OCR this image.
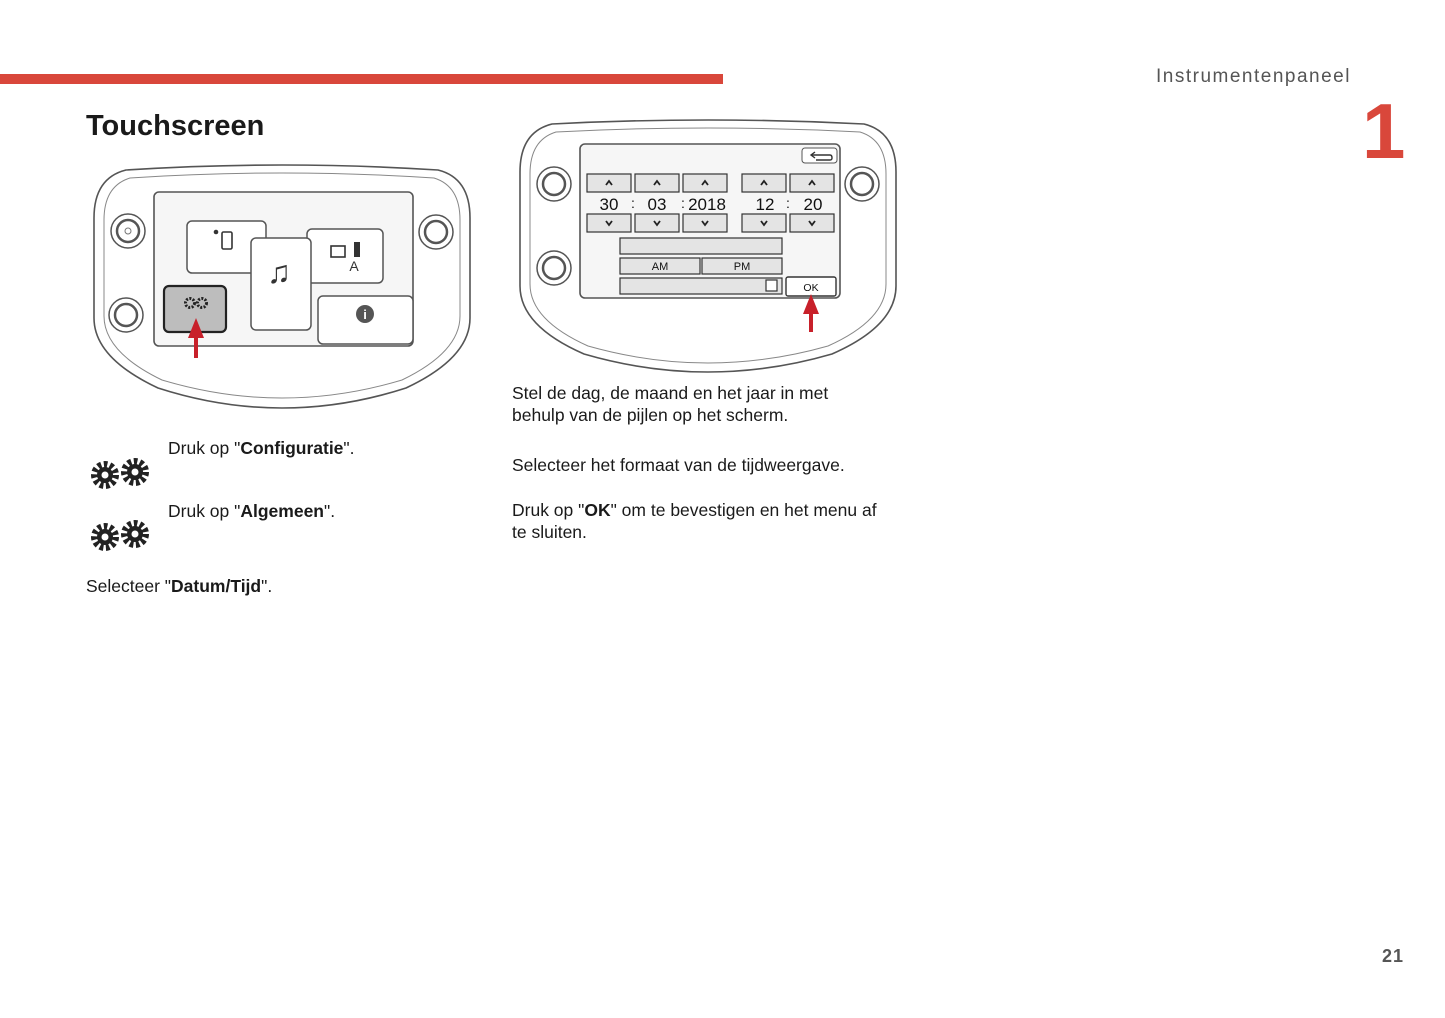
Instrumentenpaneel
1
Touchscreen
A
i
♫
30 : 03 : 2018 12 : 20
AM	PM
OK
Druk op "Configuratie".
Druk op "Algemeen".
Selecteer "Datum/Tijd".
Stel de dag, de maand en het jaar in met
behulp van de pijlen op het scherm.
Selecteer het formaat van de tijdweergave.
Druk op "OK" om te bevestigen en het menu af
te sluiten.
21
